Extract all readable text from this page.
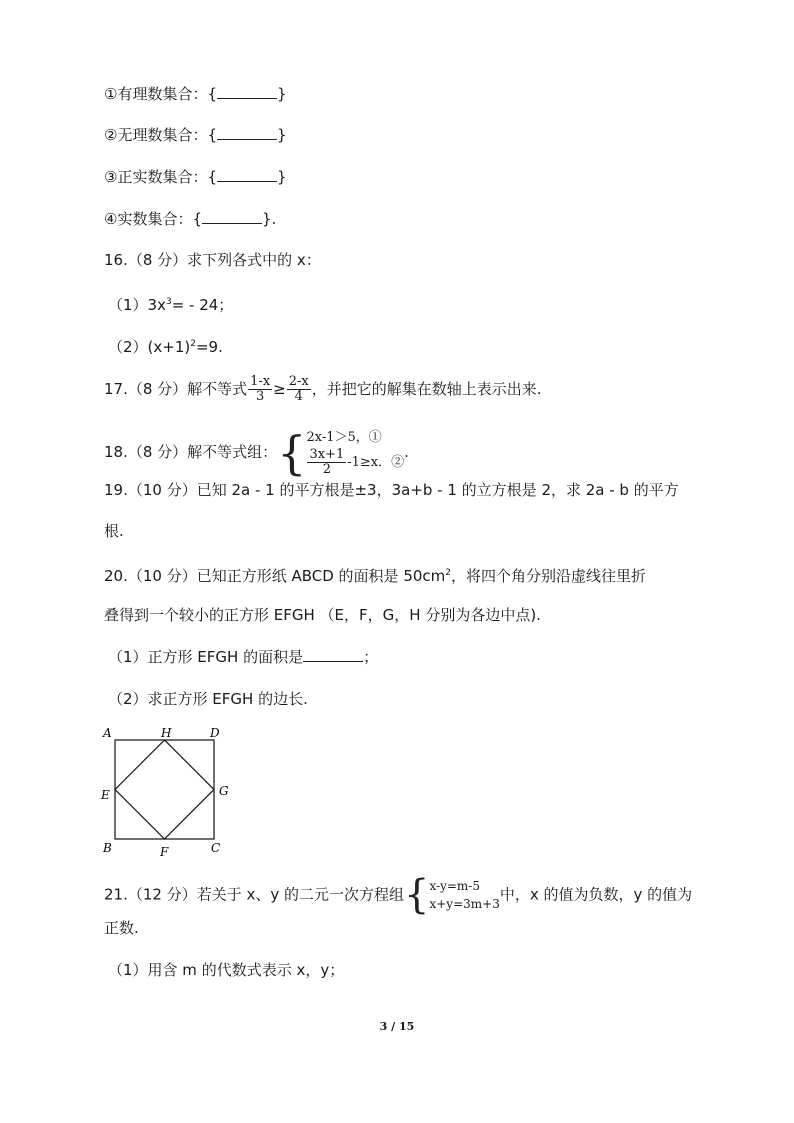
①有理数集合：{	}
②无理数集合：{	}
③正实数集合：{	}
④实数集合：{	}.
16.（8 分）求下列各式中的 x：
$(1)3x^3= - 24$；
$(2)(x+1)^2=9$.
17.（8 分）解不等式 $\frac{1-x}{3} \ge \frac{2-x}{4}$ ，并把它的解集在数轴上表示出来.
18.（8 分）解不等式组： { 2x-1＞5，①
$\frac{3x+1}{2} -1\ge x$．②
.
19.（10 分）已知 2a - 1 的平方根是±3，3a+b - 1 的立方根是 2，求 2a - b 的平方
根.
20.（10 分）已知正方形纸 ABCD 的面积是 $50cm^2$，将四个角分别沿虚线往里折
叠得到一个较小的正方形 EFGH （E，F，G，H 分别为各边中点).
（1）正方形 EFGH 的面积是	；
（2）求正方形 EFGH 的边长.
A	H	D
E	G
B	F	C
21.（12 分）若关于 x、y 的二元一次方程组 { x-y=m-5
x+y=3m+3
中，x 的值为负数，y 的值为
正数.
（1）用含 m 的代数式表示 x，y；
3 / 15
